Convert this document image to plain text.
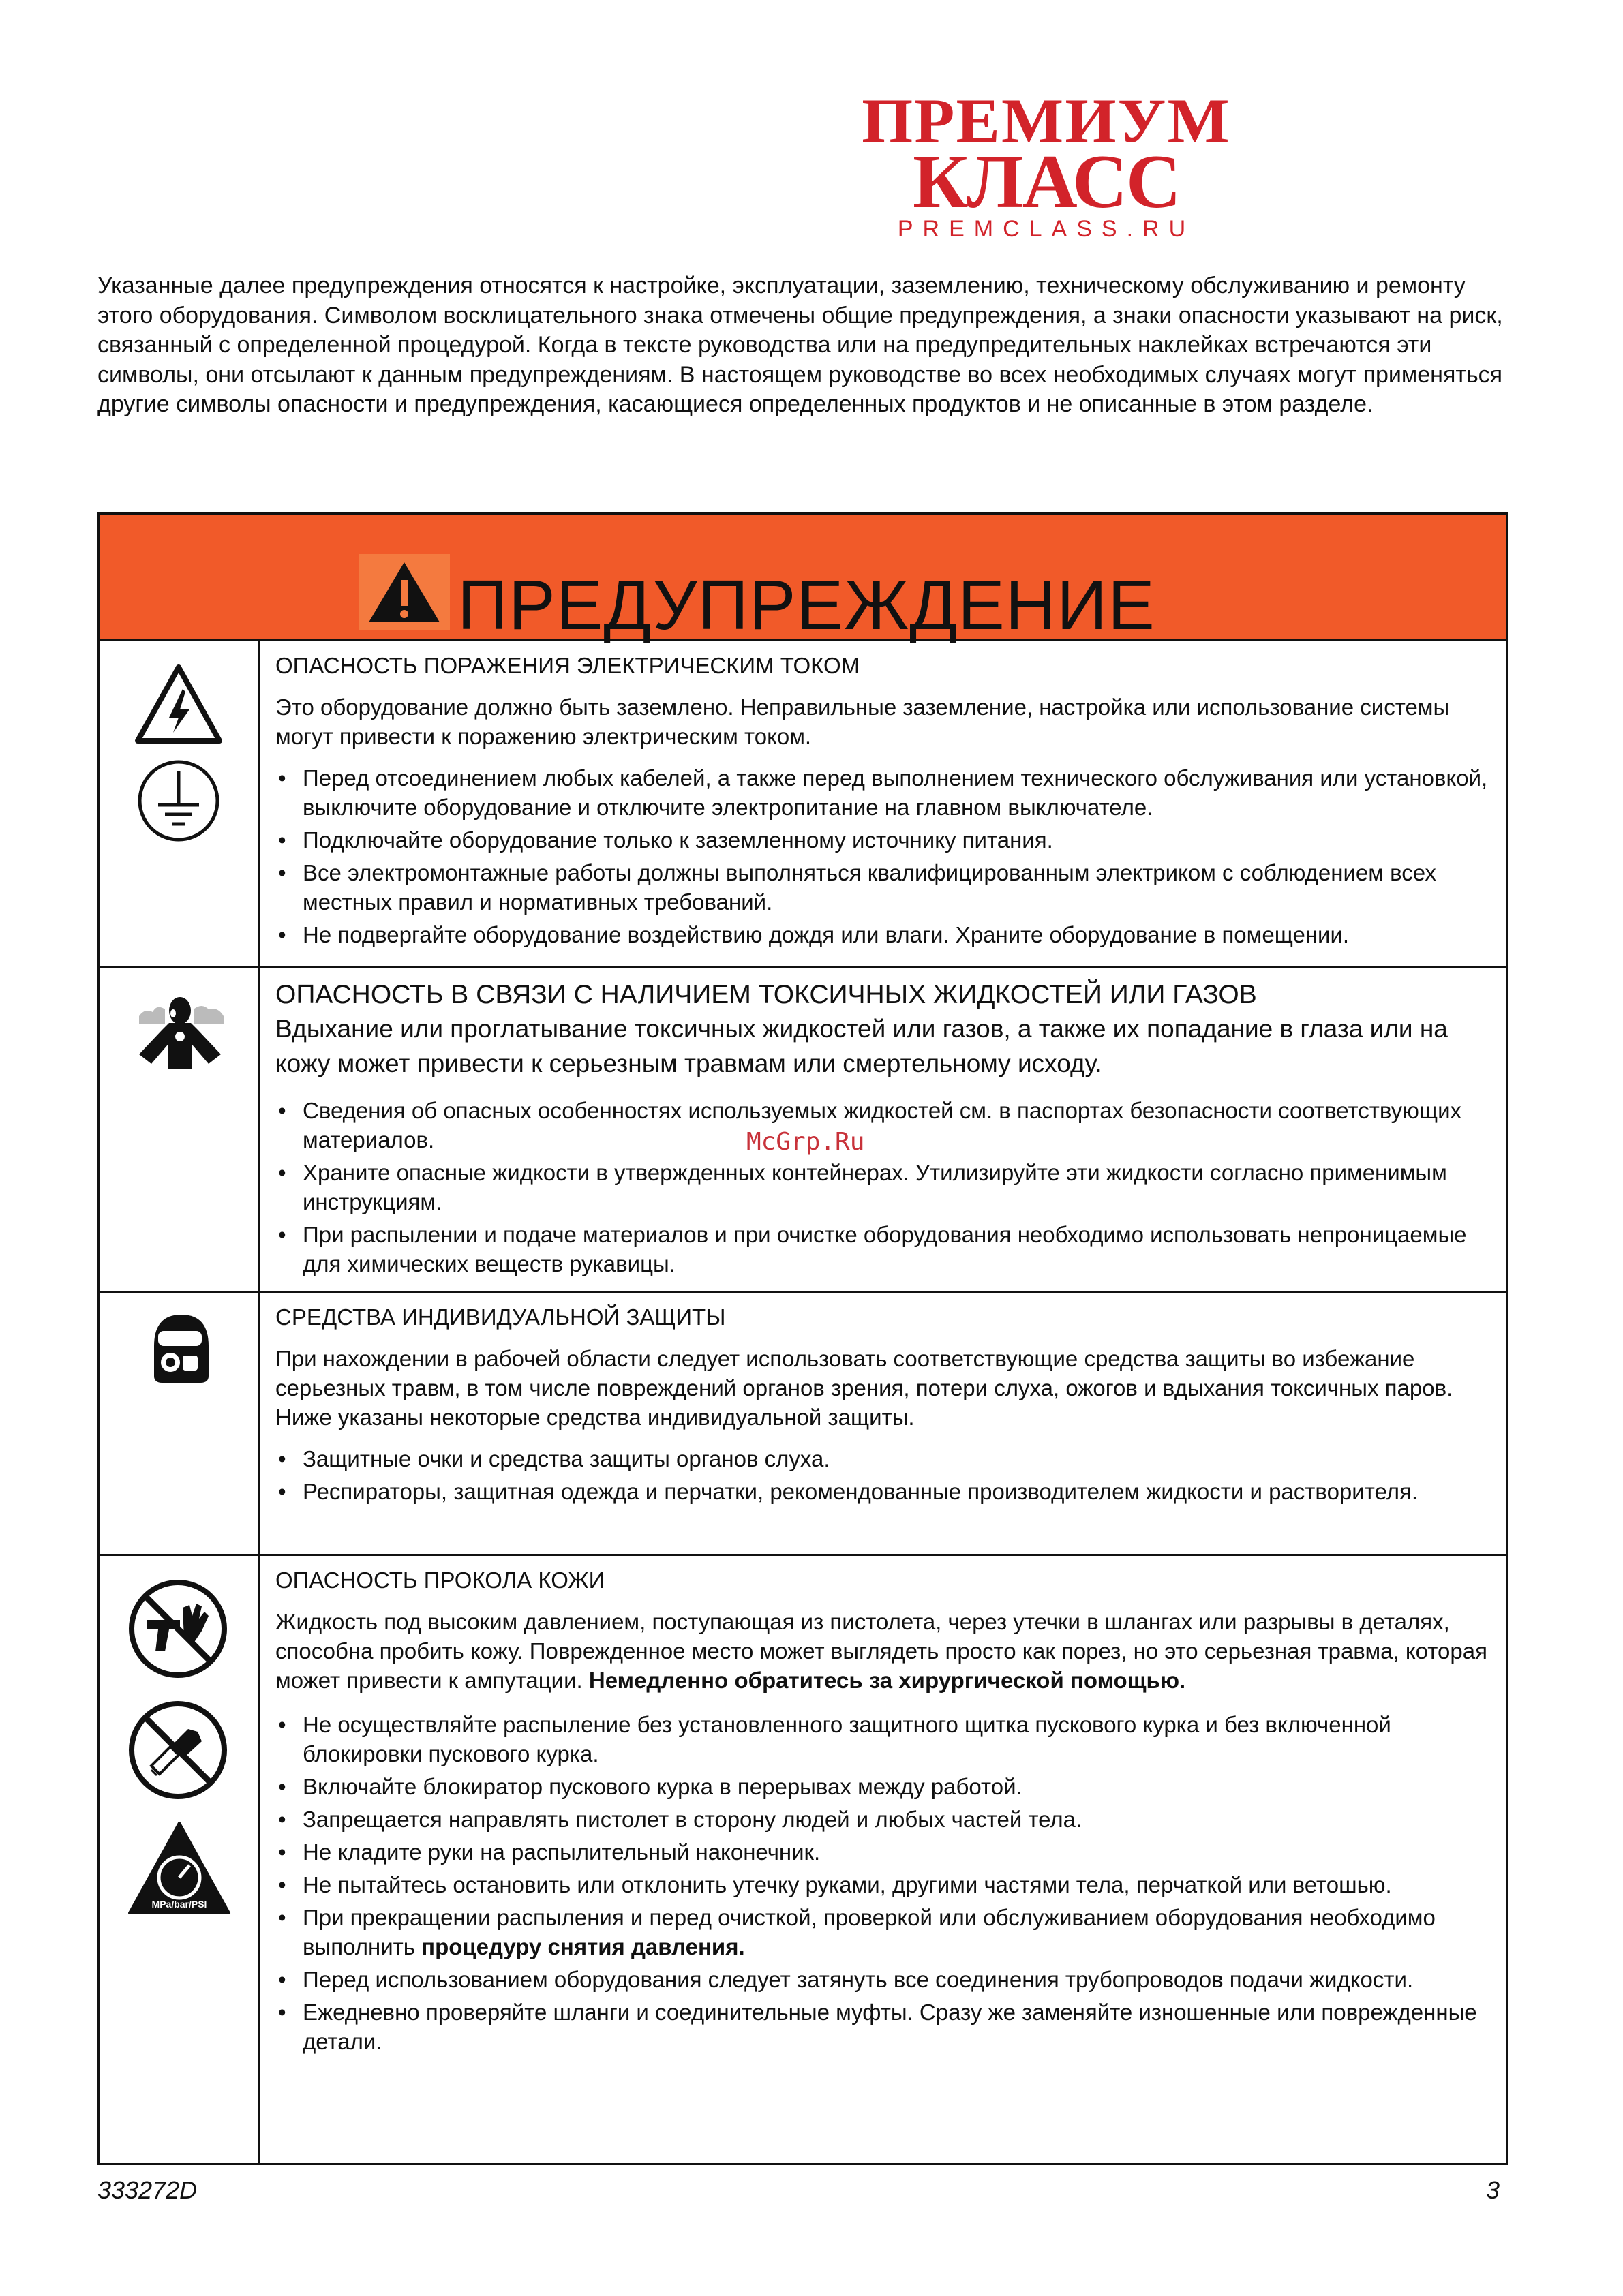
ПРЕМИУМ
КЛАСС
PREMCLASS.RU
Указанные далее предупреждения относятся к настройке, эксплуатации, заземлению, техническому обслуживанию и ремонту этого оборудования. Символом восклицательного знака отмечены общие предупреждения, а знаки опасности указывают на риск, связанный с определенной процедурой. Когда в тексте руководства или на предупредительных наклейках встречаются эти символы, они отсылают к данным предупреждениям. В настоящем руководстве во всех необходимых случаях могут применяться другие символы опасности и предупреждения, касающиеся определенных продуктов и не описанные в этом разделе.
ПРЕДУПРЕЖДЕНИЕ
ОПАСНОСТЬ ПОРАЖЕНИЯ ЭЛЕКТРИЧЕСКИМ ТОКОМ
Это оборудование должно быть заземлено. Неправильные заземление, настройка или использование системы могут привести к поражению электрическим током.
• Перед отсоединением любых кабелей, а также перед выполнением технического обслуживания или установкой, выключите оборудование и отключите электропитание на главном выключателе.
• Подключайте оборудование только к заземленному источнику питания.
• Все электромонтажные работы должны выполняться квалифицированным электриком с соблюдением всех местных правил и нормативных требований.
• Не подвергайте оборудование воздействию дождя или влаги. Храните оборудование в помещении.
ОПАСНОСТЬ В СВЯЗИ С НАЛИЧИЕМ ТОКСИЧНЫХ ЖИДКОСТЕЙ ИЛИ ГАЗОВ
Вдыхание или проглатывание токсичных жидкостей или газов, а также их попадание в глаза или на кожу может привести к серьезным травмам или смертельному исходу.
• Сведения об опасных особенностях используемых жидкостей см. в паспортах безопасности соответствующих материалов.
• Храните опасные жидкости в утвержденных контейнерах. Утилизируйте эти жидкости согласно применимым инструкциям.
• При распылении и подаче материалов и при очистке оборудования необходимо использовать непроницаемые для химических веществ рукавицы.
СРЕДСТВА ИНДИВИДУАЛЬНОЙ ЗАЩИТЫ
При нахождении в рабочей области следует использовать соответствующие средства защиты во избежание серьезных травм, в том числе повреждений органов зрения, потери слуха, ожогов и вдыхания токсичных паров. Ниже указаны некоторые средства индивидуальной защиты.
• Защитные очки и средства защиты органов слуха.
• Респираторы, защитная одежда и перчатки, рекомендованные производителем жидкости и растворителя.
MPa/bar/PSI
ОПАСНОСТЬ ПРОКОЛА КОЖИ
Жидкость под высоким давлением, поступающая из пистолета, через утечки в шлангах или разрывы в деталях, способна пробить кожу. Поврежденное место может выглядеть просто как порез, но это серьезная травма, которая может привести к ампутации. Немедленно обратитесь за хирургической помощью.
• Не осуществляйте распыление без установленного защитного щитка пускового курка и без включенной блокировки пускового курка.
• Включайте блокиратор пускового курка в перерывах между работой.
• Запрещается направлять пистолет в сторону людей и любых частей тела.
• Не кладите руки на распылительный наконечник.
• Не пытайтесь остановить или отклонить утечку руками, другими частями тела, перчаткой или ветошью.
• При прекращении распыления и перед очисткой, проверкой или обслуживанием оборудования необходимо выполнить процедуру снятия давления.
• Перед использованием оборудования следует затянуть все соединения трубопроводов подачи жидкости.
• Ежедневно проверяйте шланги и соединительные муфты. Сразу же заменяйте изношенные или поврежденные детали.
McGrp.Ru
333272D	3
